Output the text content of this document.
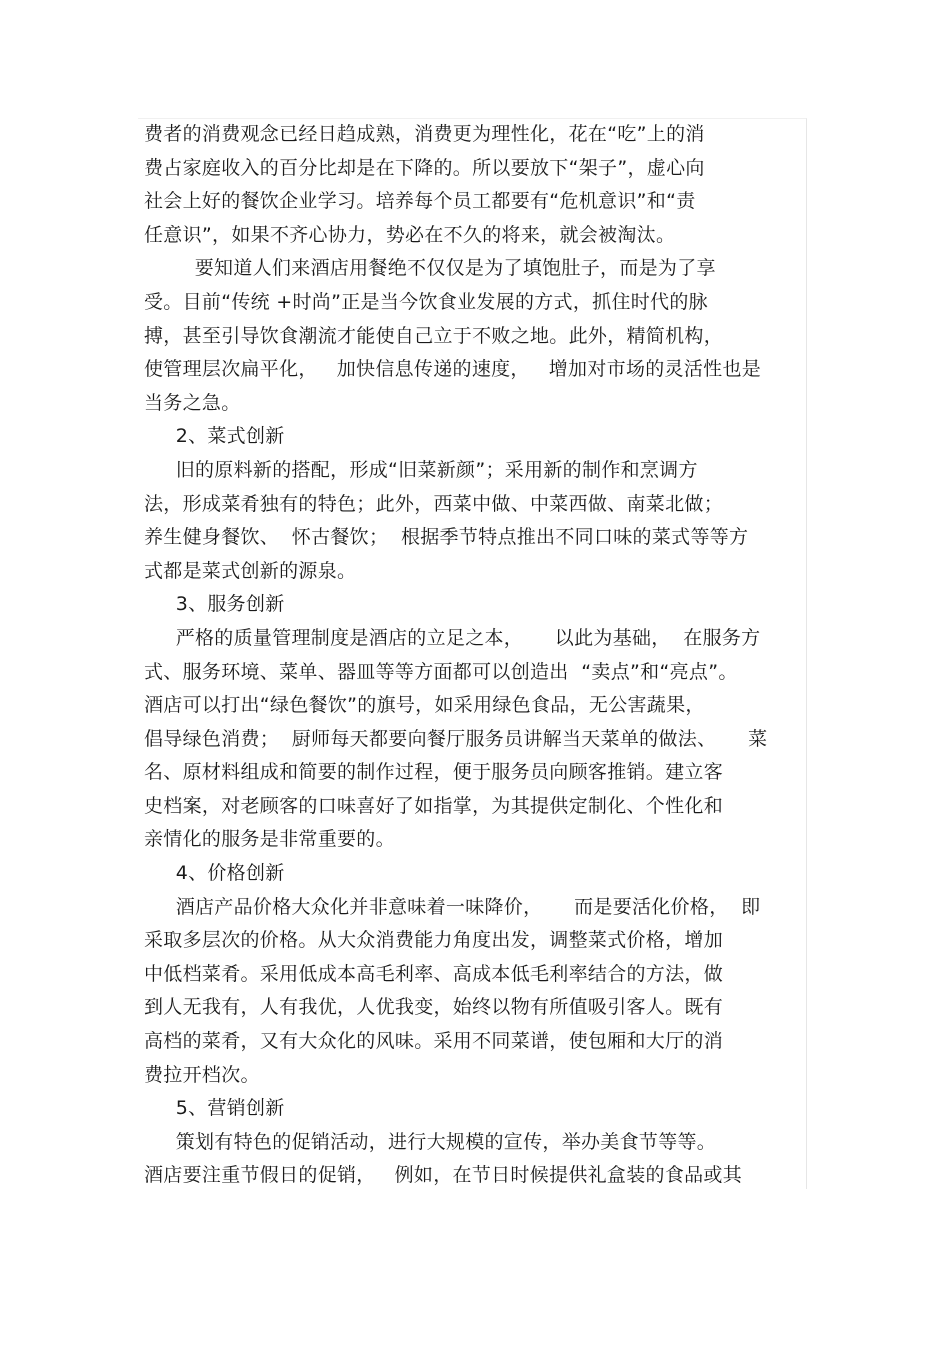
费者的消费观念已经日趋成熟，消费更为理性化，花在“吃”上的消
费占家庭收入的百分比却是在下降的。所以要放下“架子”，虚心向
社会上好的餐饮企业学习。培养每个员工都要有“危机意识”和“责
任意识”，如果不齐心协力，势必在不久的将来，就会被淘汰。
要知道人们来酒店用餐绝不仅仅是为了填饱肚子，而是为了享
受。目前“传统 +时尚”正是当今饮食业发展的方式，抓住时代的脉
搏，甚至引导饮食潮流才能使自己立于不败之地。此外，精简机构，
使管理层次扁平化，   加快信息传递的速度，   增加对市场的灵活性也是
当务之急。
2、菜式创新
旧的原料新的搭配，形成“旧菜新颜”；采用新的制作和烹调方
法，形成菜肴独有的特色；此外，西菜中做、中菜西做、南菜北做；
养生健身餐饮、  怀古餐饮；  根据季节特点推出不同口味的菜式等等方
式都是菜式创新的源泉。
3、服务创新
严格的质量管理制度是酒店的立足之本，     以此为基础，  在服务方
式、服务环境、菜单、器皿等等方面都可以创造出  “卖点”和“亮点”。
酒店可以打出“绿色餐饮”的旗号，如采用绿色食品，无公害蔬果，
倡导绿色消费；  厨师每天都要向餐厅服务员讲解当天菜单的做法、     菜
名、原材料组成和简要的制作过程，便于服务员向顾客推销。建立客
史档案，对老顾客的口味喜好了如指掌，为其提供定制化、个性化和
亲情化的服务是非常重要的。
4、价格创新
酒店产品价格大众化并非意味着一味降价，     而是要活化价格，  即
采取多层次的价格。从大众消费能力角度出发，调整菜式价格，增加
中低档菜肴。采用低成本高毛利率、高成本低毛利率结合的方法，做
到人无我有，人有我优，人优我变，始终以物有所值吸引客人。既有
高档的菜肴，又有大众化的风味。采用不同菜谱，使包厢和大厅的消
费拉开档次。
5、营销创新
策划有特色的促销活动，进行大规模的宣传，举办美食节等等。
酒店要注重节假日的促销，   例如，在节日时候提供礼盒装的食品或其
